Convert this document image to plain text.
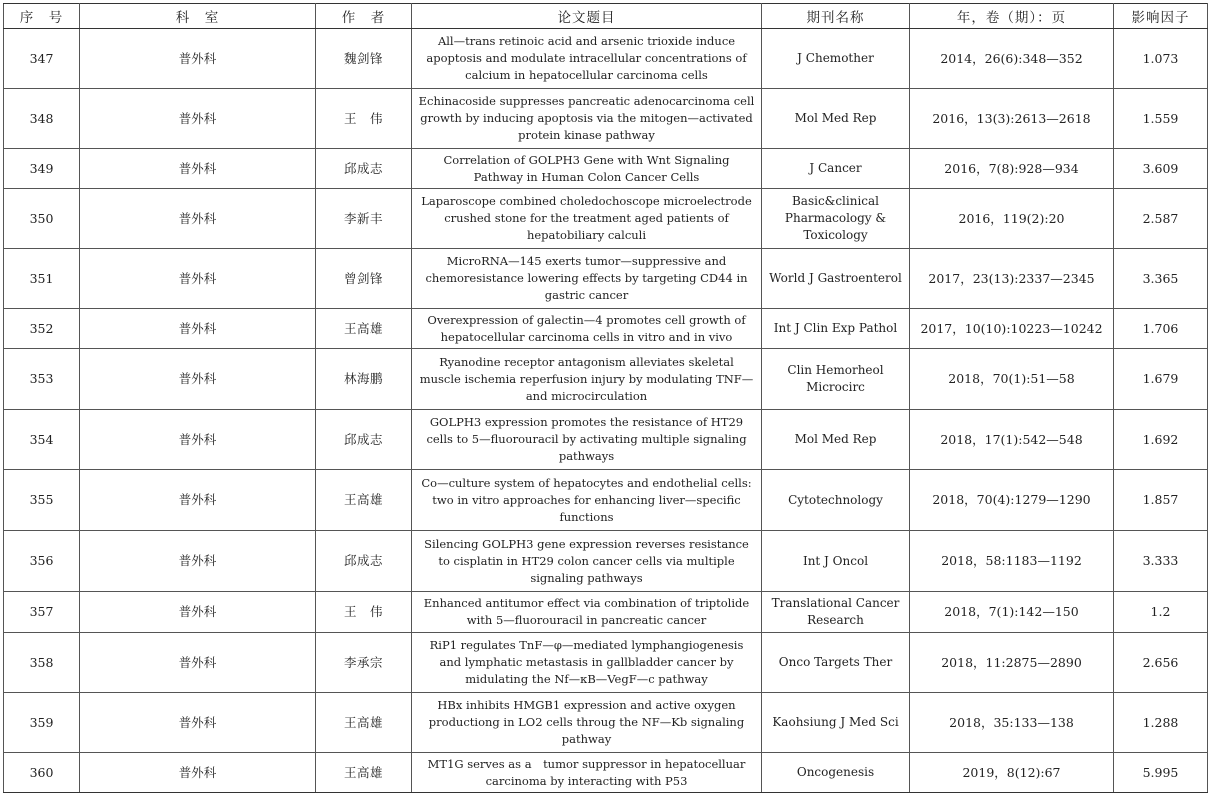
序　号	科　室	作　者	论文题目	期刊名称	年，卷（期）：页	影响因子
347	普外科	魏剑锋	All—trans retinoic acid and arsenic trioxide induce apoptosis and modulate intracellular concentrations of calcium in hepatocellular carcinoma cells	J Chemother	2014，26(6):348—352	1.073
348	普外科	王　伟	Echinacoside suppresses pancreatic adenocarcinoma cell growth by inducing apoptosis via the mitogen—activated protein kinase pathway	Mol Med Rep	2016，13(3):2613—2618	1.559
349	普外科	邱成志	Correlation of GOLPH3 Gene with Wnt Signaling Pathway in Human Colon Cancer Cells	J Cancer	2016，7(8):928—934	3.609
350	普外科	李新丰	Laparoscope combined choledochoscope microelectrode crushed stone for the treatment aged patients of hepatobiliary calculi	Basic&clinical Pharmacology & Toxicology	2016，119(2):20	2.587
351	普外科	曾剑锋	MicroRNA—145 exerts tumor—suppressive and chemoresistance lowering effects by targeting CD44 in gastric cancer	World J Gastroenterol	2017，23(13):2337—2345	3.365
352	普外科	王高雄	Overexpression of galectin—4 promotes cell growth of hepatocellular carcinoma cells in vitro and in vivo	Int J Clin Exp Pathol	2017，10(10):10223—10242	1.706
353	普外科	林海鹏	Ryanodine receptor antagonism alleviates skeletal muscle ischemia reperfusion injury by modulating TNF— and microcirculation	Clin Hemorheol Microcirc	2018，70(1):51—58	1.679
354	普外科	邱成志	GOLPH3 expression promotes the resistance of HT29 cells to 5—fluorouracil by activating multiple signaling pathways	Mol Med Rep	2018，17(1):542—548	1.692
355	普外科	王高雄	Co—culture system of hepatocytes and endothelial cells: two in vitro approaches for enhancing liver—specific functions	Cytotechnology	2018，70(4):1279—1290	1.857
356	普外科	邱成志	Silencing GOLPH3 gene expression reverses resistance to cisplatin in HT29 colon cancer cells via multiple signaling pathways	Int J Oncol	2018，58:1183—1192	3.333
357	普外科	王　伟	Enhanced antitumor effect via combination of triptolide with 5—fluorouracil in pancreatic cancer	Translational Cancer Research	2018，7(1):142—150	1.2
358	普外科	李承宗	RiP1 regulates TnF—φ—mediated lymphangiogenesis and lymphatic metastasis in gallbladder cancer by midulating the Nf—κB—VegF—c pathway	Onco Targets Ther	2018，11:2875—2890	2.656
359	普外科	王高雄	HBx inhibits HMGB1 expression and active oxygen productiong in LO2 cells throug the NF—Kb signaling pathway	Kaohsiung J Med Sci	2018，35:133—138	1.288
360	普外科	王高雄	MT1G serves as a　tumor suppressor in hepatocelluar carcinoma by interacting with P53	Oncogenesis	2019，8(12):67	5.995
